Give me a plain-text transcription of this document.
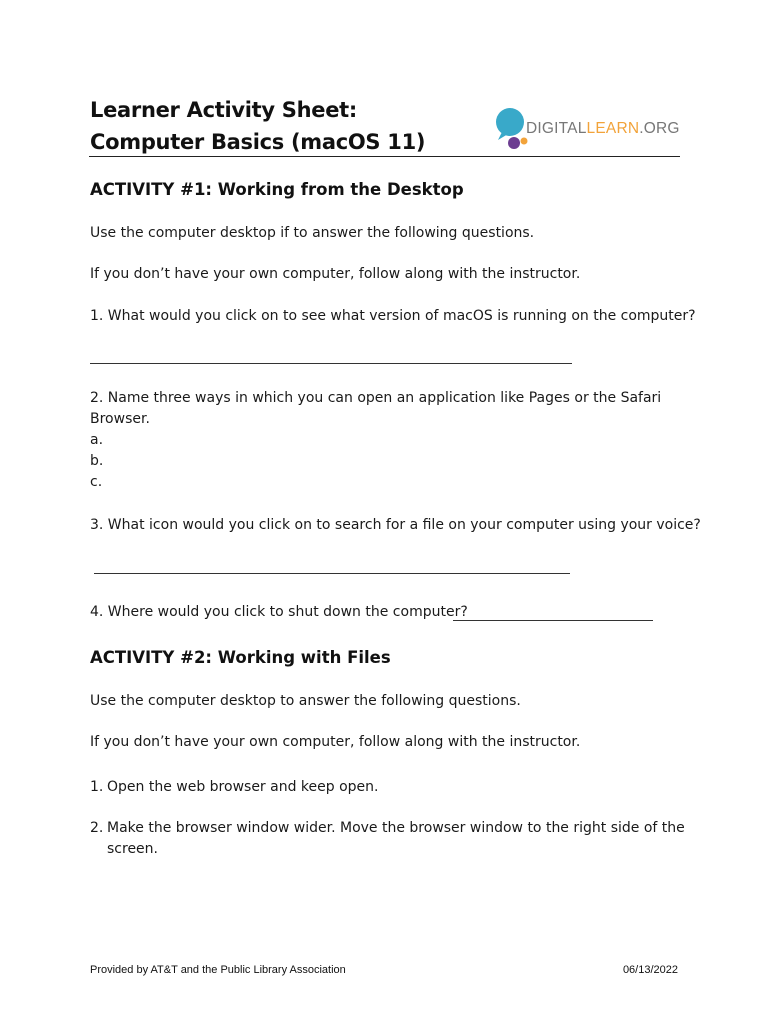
Learner Activity Sheet:
Computer Basics (macOS 11)
DIGITALLEARN.ORG
ACTIVITY #1: Working from the Desktop
Use the computer desktop if to answer the following questions.
If you don’t have your own computer, follow along with the instructor.
1. What would you click on to see what version of macOS is running on the computer?
2. Name three ways in which you can open an application like Pages or the Safari
Browser.
a.
b.
c.
3. What icon would you click on to search for a file on your computer using your voice?
4. Where would you click to shut down the computer?
ACTIVITY #2: Working with Files
Use the computer desktop to answer the following questions.
If you don’t have your own computer, follow along with the instructor.
1. Open the web browser and keep open.
2. Make the browser window wider. Move the browser window to the right side of the
screen.
Provided by AT&T and the Public Library Association	06/13/2022
